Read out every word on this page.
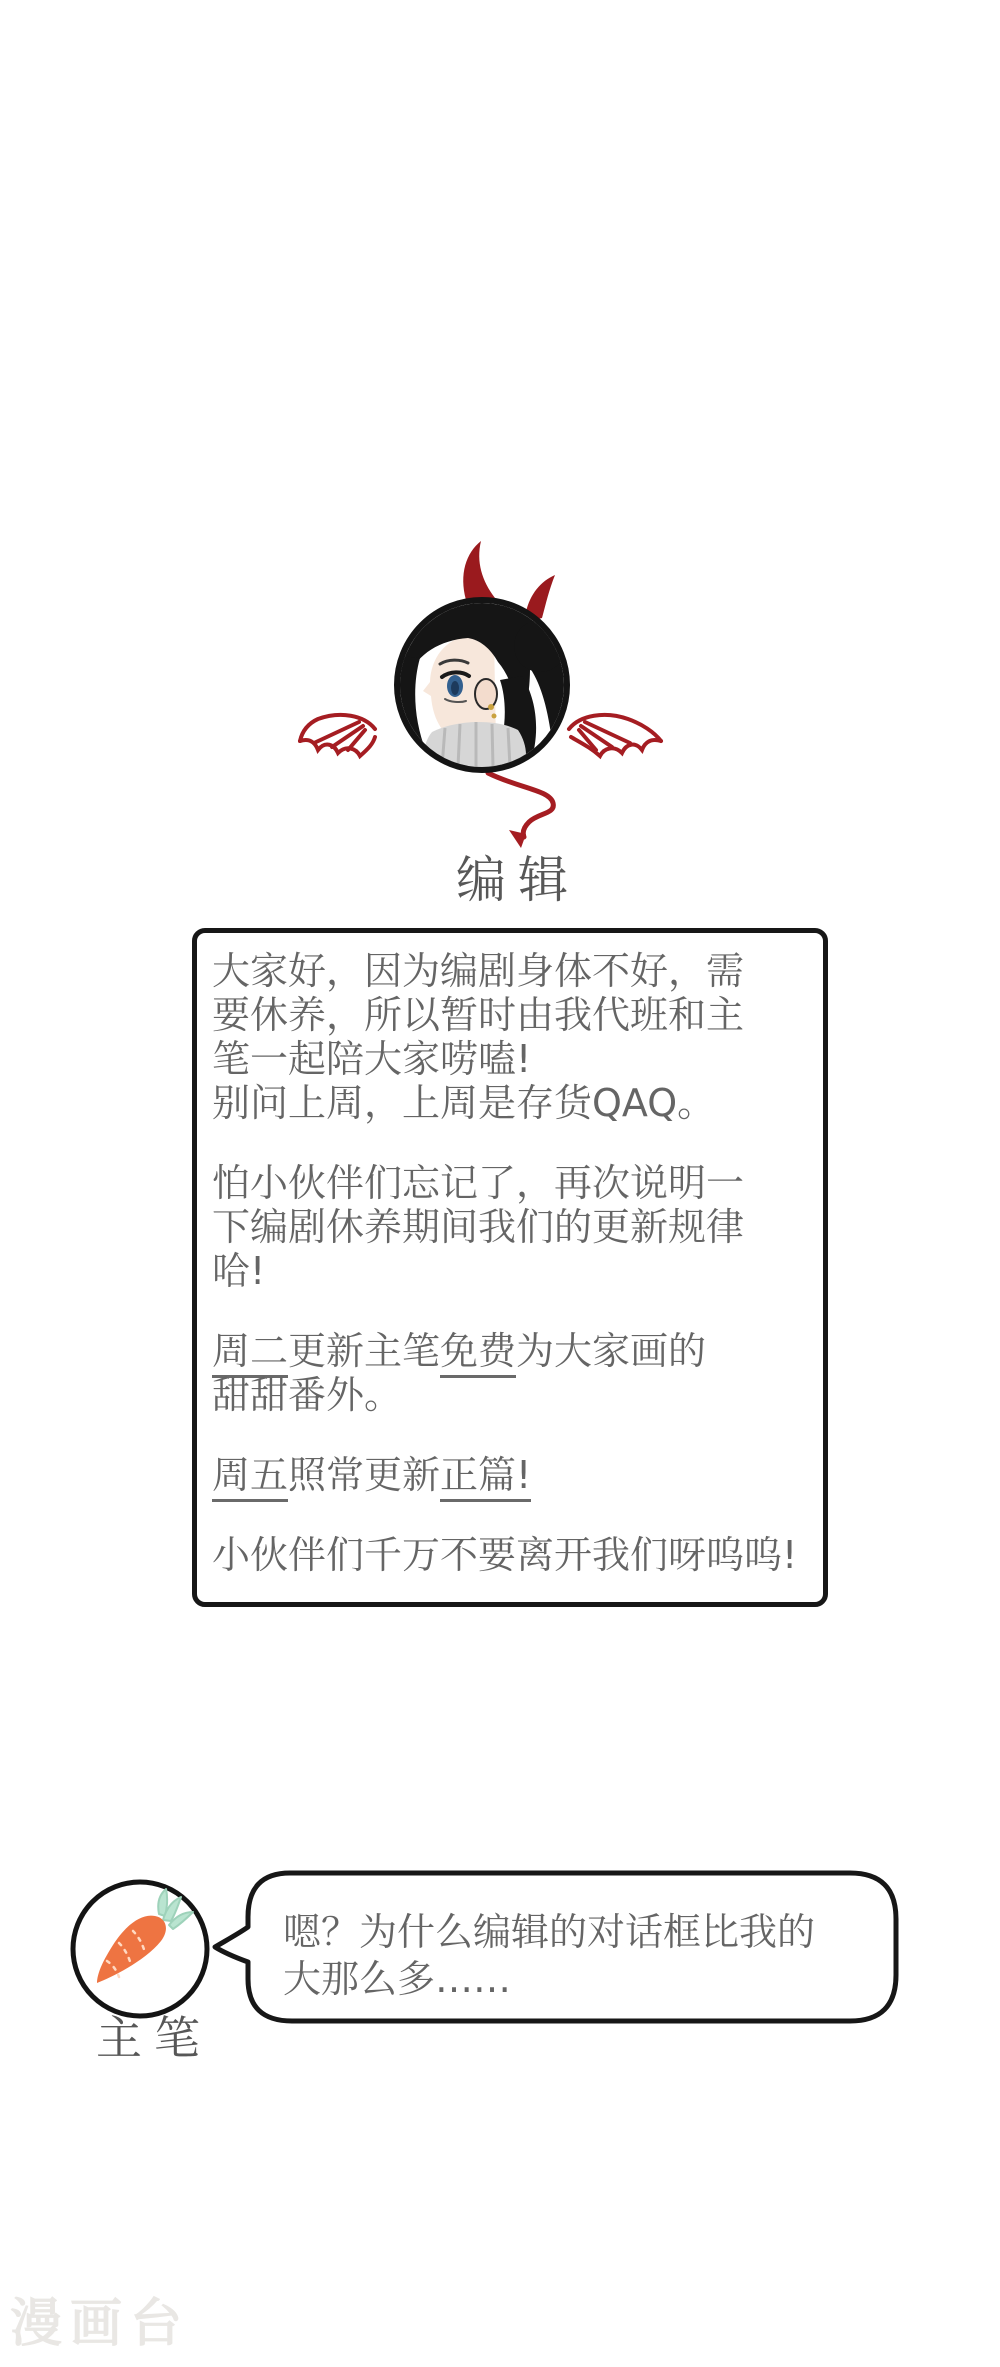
编辑
大家好，因为编剧身体不好，需
要休养，所以暂时由我代班和主
笔一起陪大家唠嗑!
别问上周，上周是存货QAQ。
怕小伙伴们忘记了，再次说明一
下编剧休养期间我们的更新规律
哈!
周二更新主笔免费为大家画的
甜甜番外。
周五照常更新正篇!
小伙伴们千万不要离开我们呀呜呜!
主笔
嗯？为什么编辑的对话框比我的
大那么多……
漫画台
